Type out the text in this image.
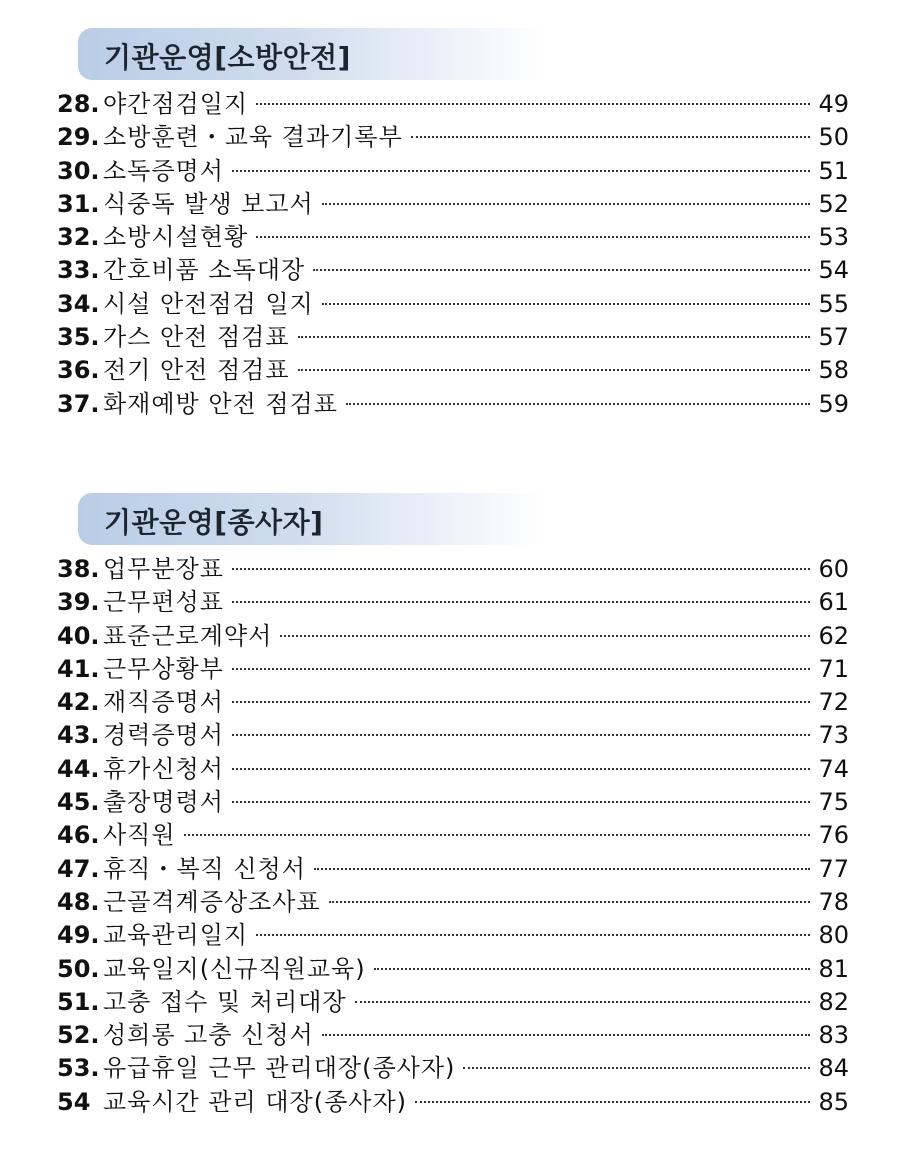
기관운영[소방안전]
28. 야간점검일지	49
29. 소방훈련・교육 결과기록부	50
30. 소독증명서	51
31. 식중독 발생 보고서	52
32. 소방시설현황	53
33. 간호비품 소독대장	54
34. 시설 안전점검 일지	55
35. 가스 안전 점검표	57
36. 전기 안전 점검표	58
37. 화재예방 안전 점검표	59
기관운영[종사자]
38. 업무분장표	60
39. 근무편성표	61
40. 표준근로계약서	62
41. 근무상황부	71
42. 재직증명서	72
43. 경력증명서	73
44. 휴가신청서	74
45. 출장명령서	75
46. 사직원	76
47. 휴직・복직 신청서	77
48. 근골격계증상조사표	78
49. 교육관리일지	80
50. 교육일지(신규직원교육)	81
51. 고충 접수 및 처리대장	82
52. 성희롱 고충 신청서	83
53. 유급휴일 근무 관리대장(종사자)	84
54 교육시간 관리 대장(종사자)	85
